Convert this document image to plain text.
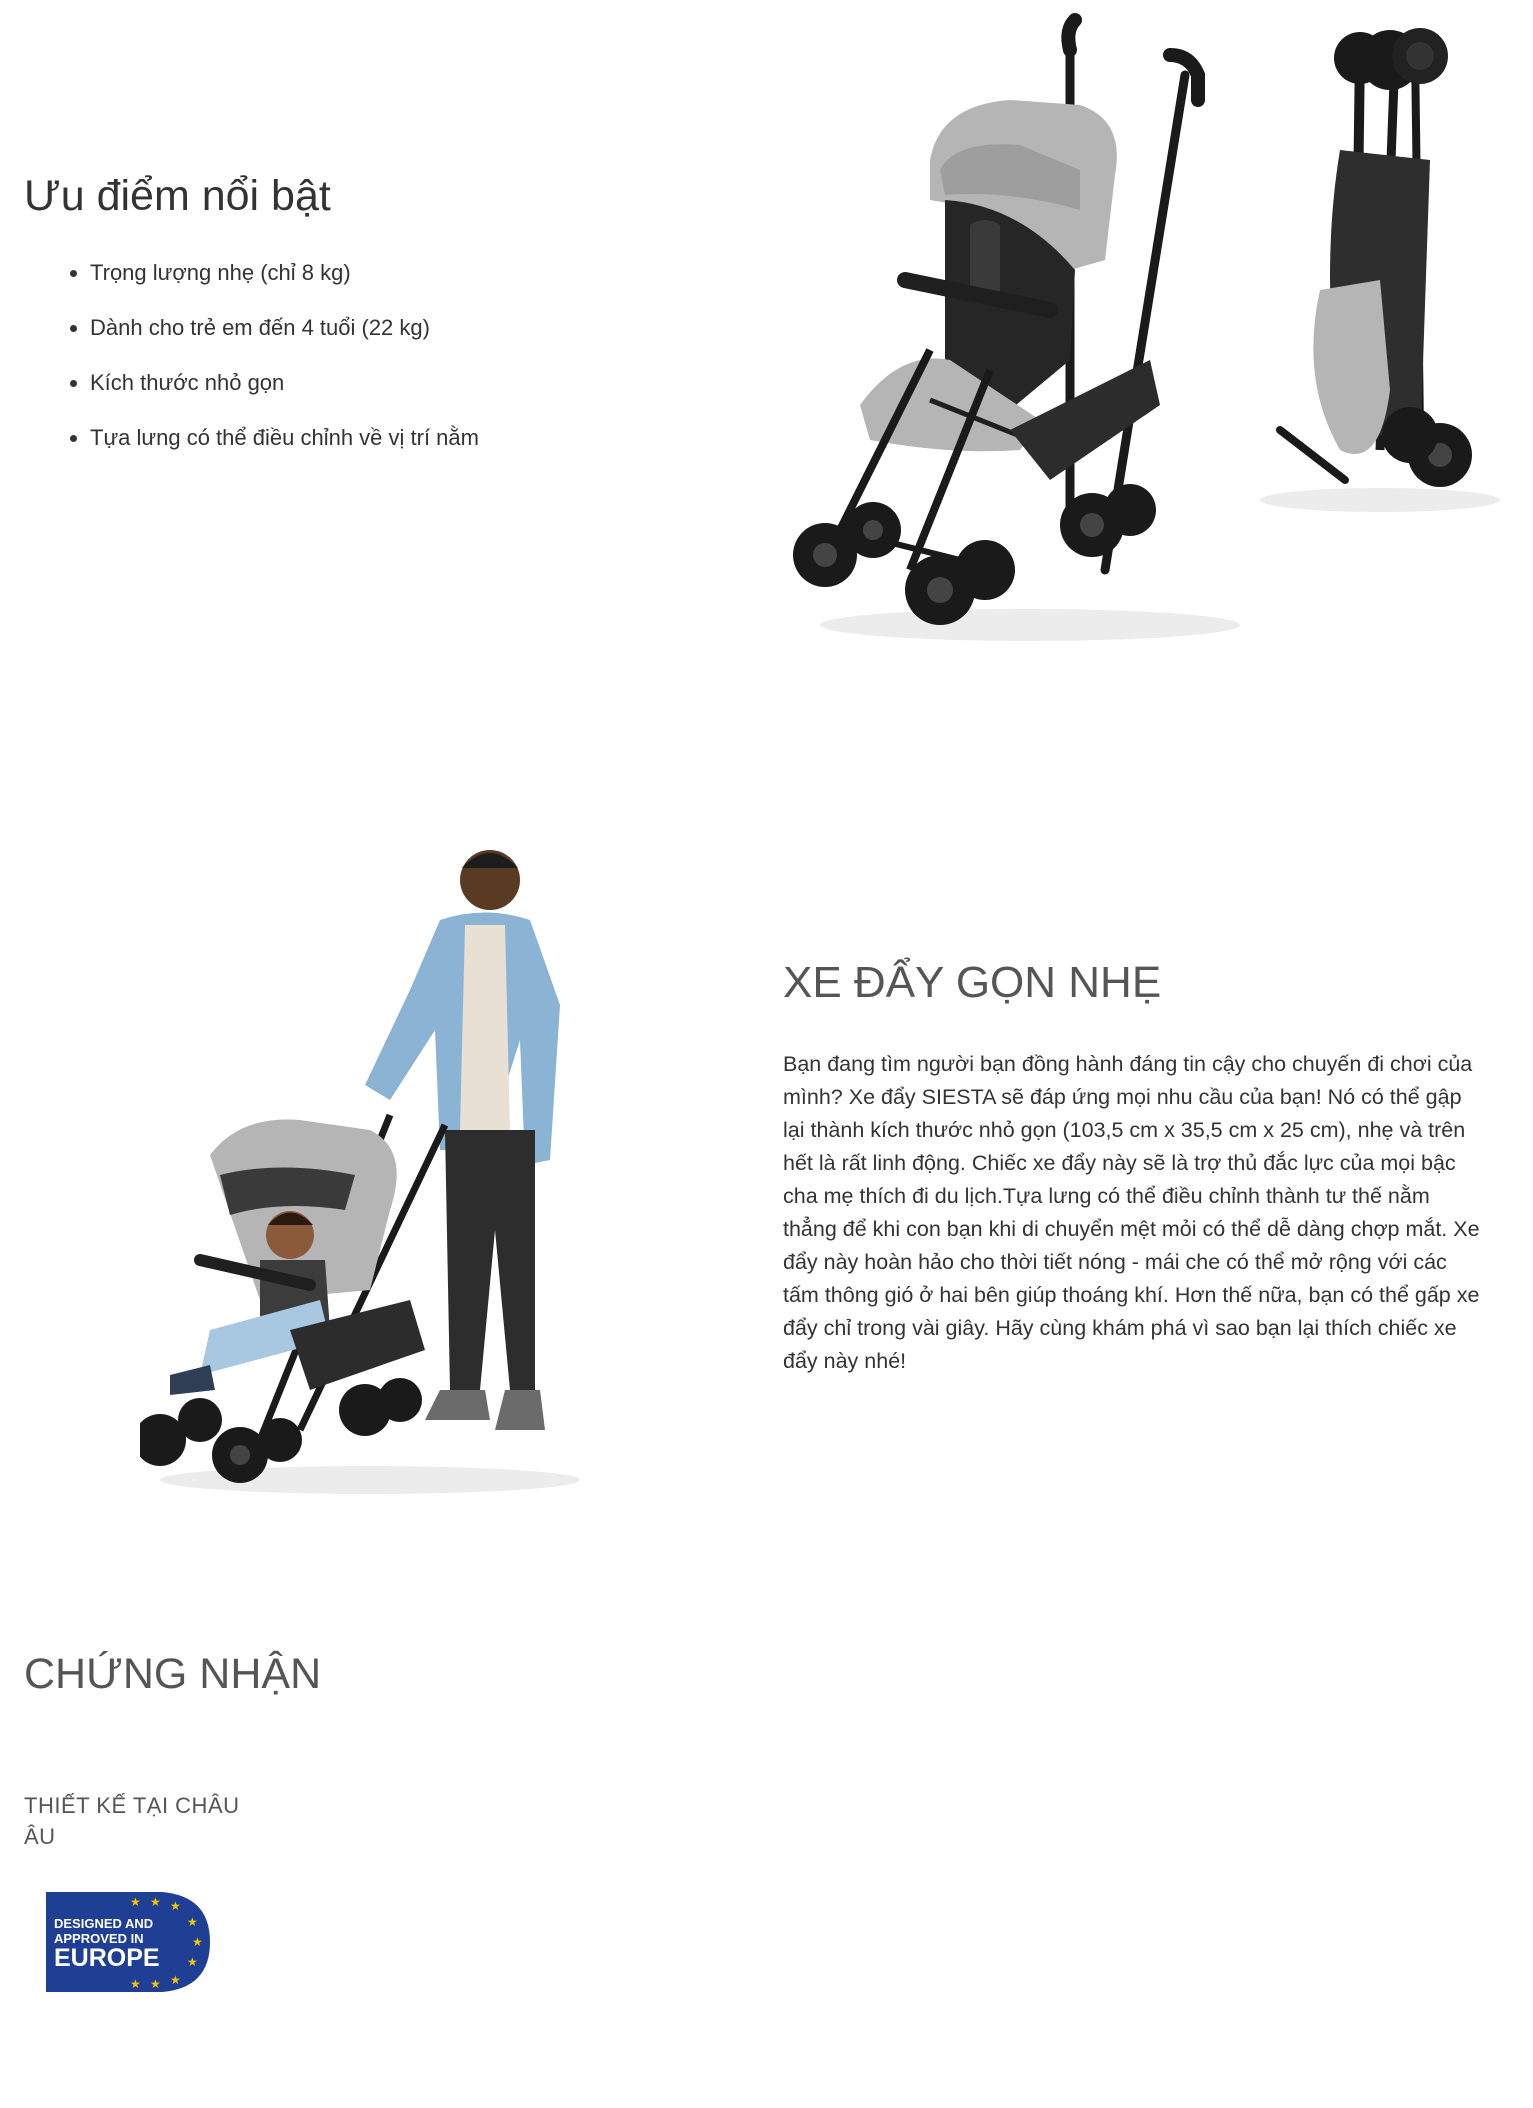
Ưu điểm nổi bật
• Trọng lượng nhẹ (chỉ 8 kg)
• Dành cho trẻ em đến 4 tuổi (22 kg)
• Kích thước nhỏ gọn
• Tựa lưng có thể điều chỉnh về vị trí nằm
XE ĐẨY GỌN NHẸ

Bạn đang tìm người bạn đồng hành đáng tin cậy cho chuyến đi chơi của mình? Xe đẩy SIESTA sẽ đáp ứng mọi nhu cầu của bạn! Nó có thể gập lại thành kích thước nhỏ gọn (103,5 cm x 35,5 cm x 25 cm), nhẹ và trên hết là rất linh động. Chiếc xe đẩy này sẽ là trợ thủ đắc lực của mọi bậc cha mẹ thích đi du lịch.Tựa lưng có thể điều chỉnh thành tư thế nằm thẳng để khi con bạn khi di chuyển mệt mỏi có thể dễ dàng chợp mắt. Xe đẩy này hoàn hảo cho thời tiết nóng - mái che có thể mở rộng với các tấm thông gió ở hai bên giúp thoáng khí. Hơn thế nữa, bạn có thể gấp xe đẩy chỉ trong vài giây. Hãy cùng khám phá vì sao bạn lại thích chiếc xe đẩy này nhé!

CHỨNG NHẬN

THIẾT KẾ TẠI CHÂU ÂU

★ ★ ★
★
★
★
★
★
★
DESIGNED AND
APPROVED IN
EUROPE
